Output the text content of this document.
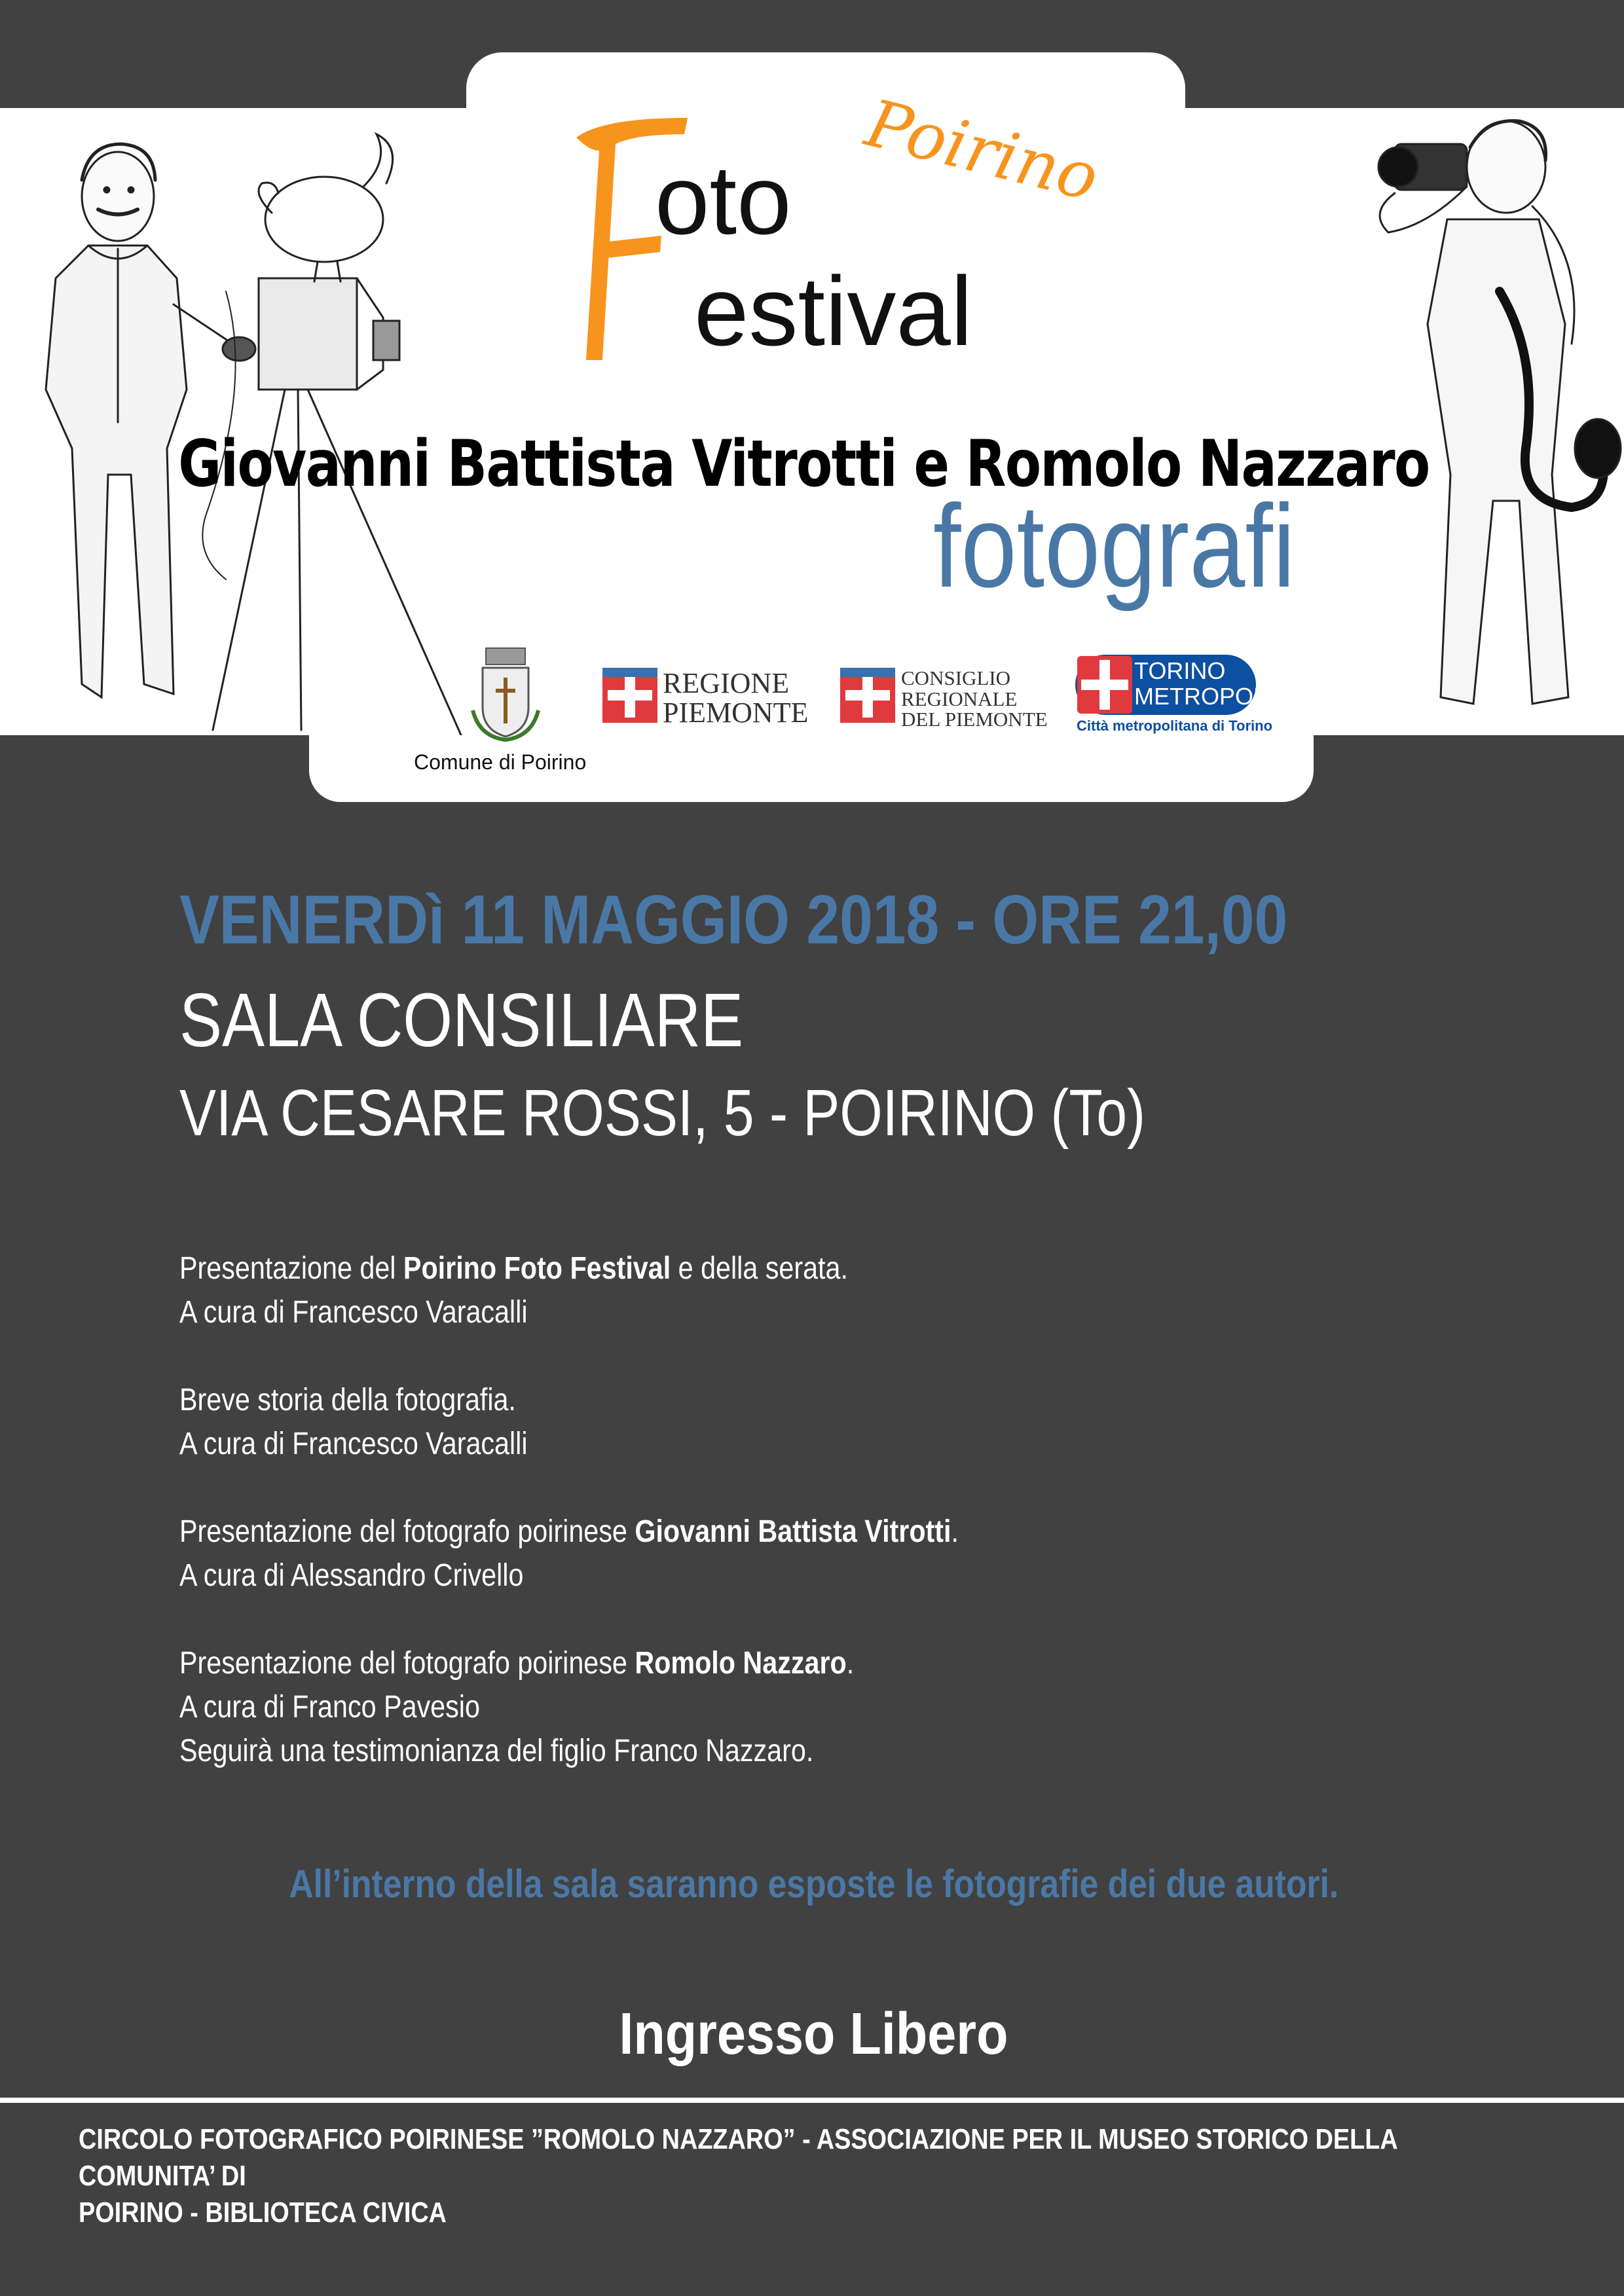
oto
estival
Poirino
Giovanni Battista Vitrotti e Romolo Nazzaro
fotografi
Comune di Poirino
REGIONE
PIEMONTE
CONSIGLIO
REGIONALE
DEL PIEMONTE
TORINO
METROPOLI
Città metropolitana di Torino
VENERDì 11 MAGGIO 2018 - ORE 21,00
SALA CONSILIARE
VIA CESARE ROSSI, 5 - POIRINO (To)

Presentazione del Poirino Foto Festival e della serata.
A cura di Francesco Varacalli

Breve storia della fotografia.
A cura di Francesco Varacalli

Presentazione del fotografo poirinese Giovanni Battista Vitrotti.
A cura di Alessandro Crivello

Presentazione del fotografo poirinese Romolo Nazzaro.
A cura di Franco Pavesio
Seguirà una testimonianza del figlio Franco Nazzaro.

All’interno della sala saranno esposte le fotografie dei due autori.
Ingresso Libero
CIRCOLO FOTOGRAFICO POIRINESE ”ROMOLO NAZZARO” - ASSOCIAZIONE PER IL MUSEO STORICO DELLA COMUNITA’ DI
POIRINO - BIBLIOTECA CIVICA
